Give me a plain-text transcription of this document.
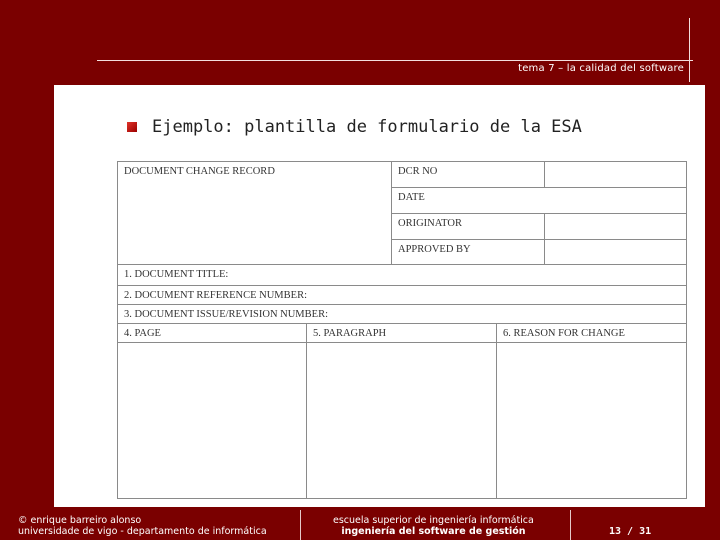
tema 7 – la calidad del software
Ejemplo: plantilla de formulario de la ESA
DOCUMENT CHANGE RECORD	DCR NO
DATE
ORIGINATOR
APPROVED BY
1. DOCUMENT TITLE:
2. DOCUMENT REFERENCE NUMBER:
3. DOCUMENT ISSUE/REVISION NUMBER:
4. PAGE	5. PARAGRAPH	6. REASON FOR CHANGE
© enrique barreiro alonso
universidade de vigo - departamento de informática
escuela superior de ingeniería informática
ingeniería del software de gestión	13 / 31
